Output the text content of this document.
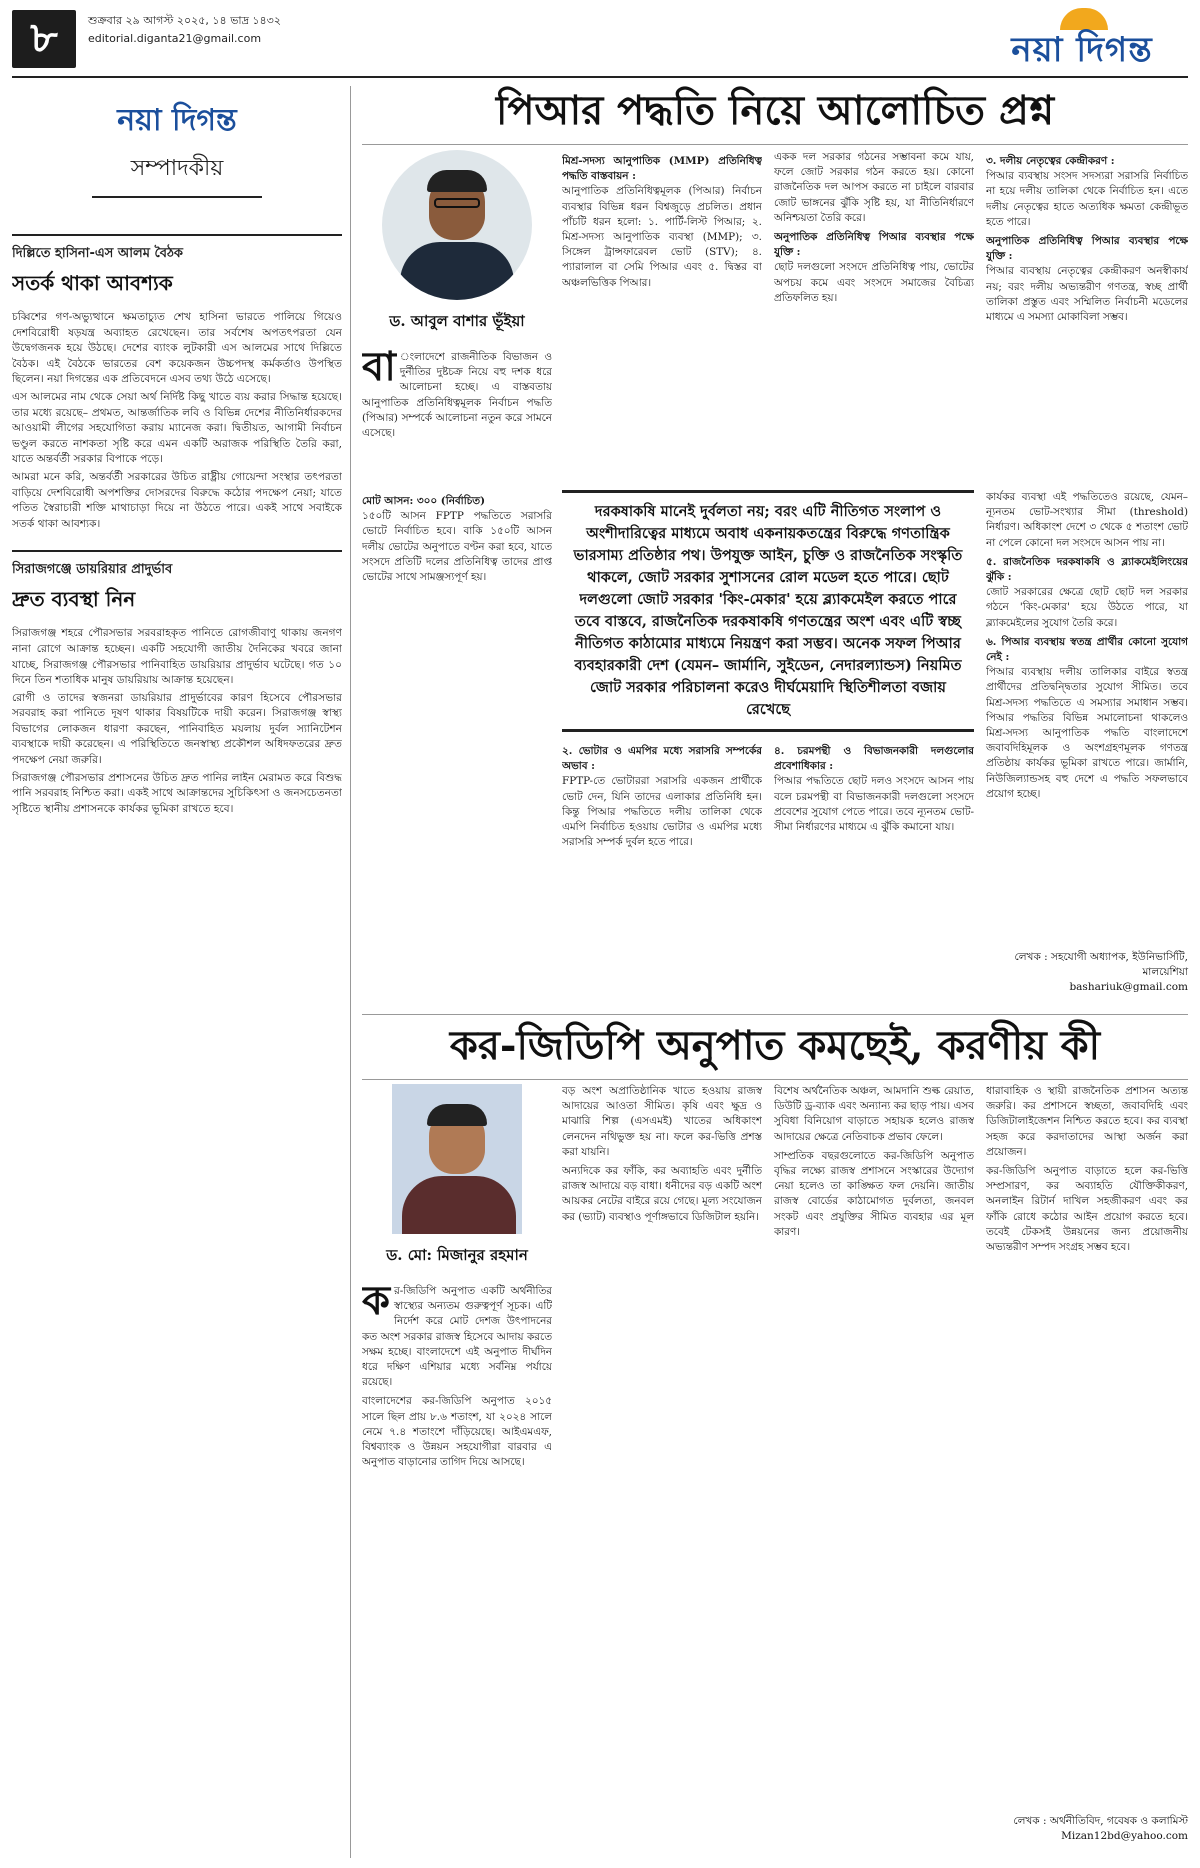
৮	শুক্রবার ২৯ আগস্ট ২০২৫, ১৪ ভাদ্র ১৪৩২
editorial.diganta21@gmail.com	নয়া দিগন্ত
নয়া দিগন্ত
সম্পাদকীয়
দিল্লিতে হাসিনা-এস আলম বৈঠক
সতর্ক থাকা আবশ্যক

চব্বিশের গণ-অভ্যুত্থানে ক্ষমতাচ্যুত শেখ হাসিনা ভারতে পালিয়ে গিয়েও দেশবিরোধী ষড়যন্ত্র অব্যাহত রেখেছেন। তার সর্বশেষ অপতৎপরতা যেন উদ্বেগজনক হয়ে উঠছে। দেশের ব্যাংক লুটকারী এস আলমের সাথে দিল্লিতে বৈঠক। এই বৈঠকে ভারতের বেশ কয়েকজন উচ্চপদস্থ কর্মকর্তাও উপস্থিত ছিলেন। নয়া দিগন্তের এক প্রতিবেদনে এসব তথ্য উঠে এসেছে।

এস আলমের নাম থেকে সেয়া অর্থ নির্দিষ্ট কিছু খাতে ব্যয় করার সিদ্ধান্ত হয়েছে। তার মধ্যে রয়েছে– প্রথমত, আন্তর্জাতিক লবি ও বিভিন্ন দেশের নীতিনির্ধারকদের আওয়ামী লীগের সহযোগিতা করায় ম্যানেজ করা। দ্বিতীয়ত, আগামী নির্বাচন ভণ্ডুল করতে নাশকতা সৃষ্টি করে এমন একটি অরাজক পরিস্থিতি তৈরি করা, যাতে অন্তর্বর্তী সরকার বিপাকে পড়ে।

আমরা মনে করি, অন্তর্বর্তী সরকারের উচিত রাষ্ট্রীয় গোয়েন্দা সংস্থার তৎপরতা বাড়িয়ে দেশবিরোধী অপশক্তির দোসরদের বিরুদ্ধে কঠোর পদক্ষেপ নেয়া; যাতে পতিত স্বৈরাচারী শক্তি মাথাচাড়া দিয়ে না উঠতে পারে। একই সাথে সবাইকে সতর্ক থাকা আবশ্যক।

সিরাজগঞ্জে ডায়রিয়ার প্রাদুর্ভাব
দ্রুত ব্যবস্থা নিন

সিরাজগঞ্জ শহরে পৌরসভার সরবরাহকৃত পানিতে রোগজীবাণু থাকায় জনগণ নানা রোগে আক্রান্ত হচ্ছেন। একটি সহযোগী জাতীয় দৈনিকের খবরে জানা যাচ্ছে, সিরাজগঞ্জ পৌরসভার পানিবাহিত ডায়রিয়ার প্রাদুর্ভাব ঘটেছে। গত ১০ দিনে তিন শতাধিক মানুষ ডায়রিয়ায় আক্রান্ত হয়েছেন।

রোগী ও তাদের স্বজনরা ডায়রিয়ার প্রাদুর্ভাবের কারণ হিসেবে পৌরসভার সরবরাহ করা পানিতে দূষণ থাকার বিষয়টিকে দায়ী করেন। সিরাজগঞ্জ স্বাস্থ্য বিভাগের লোকজন ধারণা করছেন, পানিবাহিত ময়লায় দুর্বল স্যানিটেশন ব্যবস্থাকে দায়ী করেছেন। এ পরিস্থিতিতে জনস্বাস্থ্য প্রকৌশল অধিদফতরের দ্রুত পদক্ষেপ নেয়া জরুরি।

সিরাজগঞ্জ পৌরসভার প্রশাসনের উচিত দ্রুত পানির লাইন মেরামত করে বিশুদ্ধ পানি সরবরাহ নিশ্চিত করা। একই সাথে আক্রান্তদের সুচিকিৎসা ও জনসচেতনতা সৃষ্টিতে স্থানীয় প্রশাসনকে কার্যকর ভূমিকা রাখতে হবে।

পিআর পদ্ধতি নিয়ে আলোচিত প্রশ্ন
ড. আবুল বাশার ভূঁইয়া
বা ংলাদেশে রাজনীতিক বিভাজন ও দুর্নীতির দুষ্টচক্র নিয়ে বহু দশক ধরে আলোচনা হচ্ছে। এ বাস্তবতায় আনুপাতিক প্রতিনিধিত্বমূলক নির্বাচন পদ্ধতি (পিআর) সম্পর্কে আলোচনা নতুন করে সামনে এসেছে।
মিশ্র-সদস্য আনুপাতিক (MMP) প্রতিনিধিত্ব পদ্ধতি বাস্তবায়ন :
আনুপাতিক প্রতিনিধিত্বমূলক (পিআর) নির্বাচন ব্যবস্থার বিভিন্ন ধরন বিশ্বজুড়ে প্রচলিত। প্রধান পাঁচটি ধরন হলো: ১. পার্টি-লিস্ট পিআর; ২. মিশ্র-সদস্য আনুপাতিক ব্যবস্থা (MMP); ৩. সিঙ্গেল ট্রান্সফারেবল ভোট (STV); ৪. প্যারালাল বা সেমি পিআর এবং ৫. দ্বিস্তর বা অঞ্চলভিত্তিক পিআর।
একক দল সরকার গঠনের সম্ভাবনা কমে যায়, ফলে জোট সরকার গঠন করতে হয়। কোনো রাজনৈতিক দল আপস করতে না চাইলে বারবার জোট ভাঙ্গনের ঝুঁকি সৃষ্টি হয়, যা নীতিনির্ধারণে অনিশ্চয়তা তৈরি করে।
অনুপাতিক প্রতিনিধিত্ব পিআর ব্যবস্থার পক্ষে যুক্তি :
ছোট দলগুলো সংসদে প্রতিনিধিত্ব পায়, ভোটের অপচয় কমে এবং সংসদে সমাজের বৈচিত্র্য প্রতিফলিত হয়।
৩. দলীয় নেতৃত্বের কেন্দ্রীকরণ :
পিআর ব্যবস্থায় সংসদ সদস্যরা সরাসরি নির্বাচিত না হয়ে দলীয় তালিকা থেকে নির্বাচিত হন। এতে দলীয় নেতৃত্বের হাতে অত্যধিক ক্ষমতা কেন্দ্রীভূত হতে পারে।
অনুপাতিক প্রতিনিধিত্ব পিআর ব্যবস্থার পক্ষে যুক্তি :
পিআর ব্যবস্থায় নেতৃত্বের কেন্দ্রীকরণ অনস্বীকার্য নয়; বরং দলীয় অভ্যন্তরীণ গণতন্ত্র, স্বচ্ছ প্রার্থী তালিকা প্রস্তুত এবং সম্মিলিত নির্বাচনী মডেলের মাধ্যমে এ সমস্যা মোকাবিলা সম্ভব।
দরকষাকষি মানেই দুর্বলতা নয়; বরং এটি নীতিগত সংলাপ ও অংশীদারিত্বের মাধ্যমে অবাধ একনায়কতন্ত্রের বিরুদ্ধে গণতান্ত্রিক ভারসাম্য প্রতিষ্ঠার পথ। উপযুক্ত আইন, চুক্তি ও রাজনৈতিক সংস্কৃতি থাকলে, জোট সরকার সুশাসনের রোল মডেল হতে পারে। ছোট দলগুলো জোট সরকার 'কিং-মেকার' হয়ে ব্ল্যাকমেইল করতে পারে তবে বাস্তবে, রাজনৈতিক দরকষাকষি গণতন্ত্রের অংশ এবং এটি স্বচ্ছ নীতিগত কাঠামোর মাধ্যমে নিয়ন্ত্রণ করা সম্ভব। অনেক সফল পিআর ব্যবহারকারী দেশ (যেমন– জার্মানি, সুইডেন, নেদারল্যান্ডস) নিয়মিত জোট সরকার পরিচালনা করেও দীর্ঘমেয়াদি স্থিতিশীলতা বজায় রেখেছে
মোট আসন: ৩০০ (নির্বাচিত)
১৫০টি আসন FPTP পদ্ধতিতে সরাসরি ভোটে নির্বাচিত হবে। বাকি ১৫০টি আসন দলীয় ভোটের অনুপাতে বণ্টন করা হবে, যাতে সংসদে প্রতিটি দলের প্রতিনিধিত্ব তাদের প্রাপ্ত ভোটের সাথে সামঞ্জস্যপূর্ণ হয়।
২. ভোটার ও এমপির মধ্যে সরাসরি সম্পর্কের অভাব :
FPTP-তে ভোটাররা সরাসরি একজন প্রার্থীকে ভোট দেন, যিনি তাদের এলাকার প্রতিনিধি হন। কিন্তু পিআর পদ্ধতিতে দলীয় তালিকা থেকে এমপি নির্বাচিত হওয়ায় ভোটার ও এমপির মধ্যে সরাসরি সম্পর্ক দুর্বল হতে পারে।
৪. চরমপন্থী ও বিভাজনকারী দলগুলোর প্রবেশাধিকার :
পিআর পদ্ধতিতে ছোট দলও সংসদে আসন পায় বলে চরমপন্থী বা বিভাজনকারী দলগুলো সংসদে প্রবেশের সুযোগ পেতে পারে। তবে ন্যূনতম ভোট-সীমা নির্ধারণের মাধ্যমে এ ঝুঁকি কমানো যায়।
কার্যকর ব্যবস্থা এই পদ্ধতিতেও রয়েছে, যেমন– ন্যূনতম ভোট-সংখ্যার সীমা (threshold) নির্ধারণ। অধিকাংশ দেশে ৩ থেকে ৫ শতাংশ ভোট না পেলে কোনো দল সংসদে আসন পায় না।
৫. রাজনৈতিক দরকষাকষি ও ব্ল্যাকমেইলিংয়ের ঝুঁকি :
জোট সরকারের ক্ষেত্রে ছোট ছোট দল সরকার গঠনে 'কিং-মেকার' হয়ে উঠতে পারে, যা ব্ল্যাকমেইলের সুযোগ তৈরি করে।
৬. পিআর ব্যবস্থায় স্বতন্ত্র প্রার্থীর কোনো সুযোগ নেই :
পিআর ব্যবস্থায় দলীয় তালিকার বাইরে স্বতন্ত্র প্রার্থীদের প্রতিদ্বন্দ্বিতার সুযোগ সীমিত। তবে মিশ্র-সদস্য পদ্ধতিতে এ সমস্যার সমাধান সম্ভব। পিআর পদ্ধতির বিভিন্ন সমালোচনা থাকলেও মিশ্র-সদস্য আনুপাতিক পদ্ধতি বাংলাদেশে জবাবদিহিমূলক ও অংশগ্রহণমূলক গণতন্ত্র প্রতিষ্ঠায় কার্যকর ভূমিকা রাখতে পারে। জার্মানি, নিউজিল্যান্ডসহ বহু দেশে এ পদ্ধতি সফলভাবে প্রয়োগ হচ্ছে।
লেখক : সহযোগী অধ্যাপক, ইউনিভার্সিটি, মালয়েশিয়া
bashariuk@gmail.com
কর-জিডিপি অনুপাত কমছেই, করণীয় কী
ড. মো: মিজানুর রহমান
ক র-জিডিপি অনুপাত একটি অর্থনীতির স্বাস্থ্যের অন্যতম গুরুত্বপূর্ণ সূচক। এটি নির্দেশ করে মোট দেশজ উৎপাদনের কত অংশ সরকার রাজস্ব হিসেবে আদায় করতে সক্ষম হচ্ছে। বাংলাদেশে এই অনুপাত দীর্ঘদিন ধরে দক্ষিণ এশিয়ার মধ্যে সর্বনিম্ন পর্যায়ে রয়েছে।
বাংলাদেশের কর-জিডিপি অনুপাত ২০১৫ সালে ছিল প্রায় ৮.৬ শতাংশ, যা ২০২৪ সালে নেমে ৭.৪ শতাংশে দাঁড়িয়েছে। আইএমএফ, বিশ্বব্যাংক ও উন্নয়ন সহযোগীরা বারবার এ অনুপাত বাড়ানোর তাগিদ দিয়ে আসছে।
বড় অংশ অপ্রাতিষ্ঠানিক খাতে হওয়ায় রাজস্ব আদায়ের আওতা সীমিত। কৃষি এবং ক্ষুদ্র ও মাঝারি শিল্প (এসএমই) খাতের অধিকাংশ লেনদেন নথিভুক্ত হয় না। ফলে কর-ভিত্তি প্রশস্ত করা যায়নি।
অন্যদিকে কর ফাঁকি, কর অব্যাহতি এবং দুর্নীতি রাজস্ব আদায়ে বড় বাধা। ধনীদের বড় একটি অংশ আয়কর নেটের বাইরে রয়ে গেছে। মূল্য সংযোজন কর (ভ্যাট) ব্যবস্থাও পূর্ণাঙ্গভাবে ডিজিটাল হয়নি।
বিশেষ অর্থনৈতিক অঞ্চল, আমদানি শুল্ক রেয়াত, ডিউটি ড্র-ব্যাক এবং অন্যান্য কর ছাড় পায়। এসব সুবিধা বিনিয়োগ বাড়াতে সহায়ক হলেও রাজস্ব আদায়ের ক্ষেত্রে নেতিবাচক প্রভাব ফেলে।
সাম্প্রতিক বছরগুলোতে কর-জিডিপি অনুপাত বৃদ্ধির লক্ষ্যে রাজস্ব প্রশাসনে সংস্কারের উদ্যোগ নেয়া হলেও তা কাঙ্ক্ষিত ফল দেয়নি। জাতীয় রাজস্ব বোর্ডের কাঠামোগত দুর্বলতা, জনবল সংকট এবং প্রযুক্তির সীমিত ব্যবহার এর মূল কারণ।
ধারাবাহিক ও স্থায়ী রাজনৈতিক প্রশাসন অত্যন্ত জরুরি। কর প্রশাসনে স্বচ্ছতা, জবাবদিহি এবং ডিজিটালাইজেশন নিশ্চিত করতে হবে। কর ব্যবস্থা সহজ করে করদাতাদের আস্থা অর্জন করা প্রয়োজন।
কর-জিডিপি অনুপাত বাড়াতে হলে কর-ভিত্তি সম্প্রসারণ, কর অব্যাহতি যৌক্তিকীকরণ, অনলাইন রিটার্ন দাখিল সহজীকরণ এবং কর ফাঁকি রোধে কঠোর আইন প্রয়োগ করতে হবে। তবেই টেকসই উন্নয়নের জন্য প্রয়োজনীয় অভ্যন্তরীণ সম্পদ সংগ্রহ সম্ভব হবে।
লেখক : অর্থনীতিবিদ, গবেষক ও কলামিস্ট
Mizan12bd@yahoo.com
